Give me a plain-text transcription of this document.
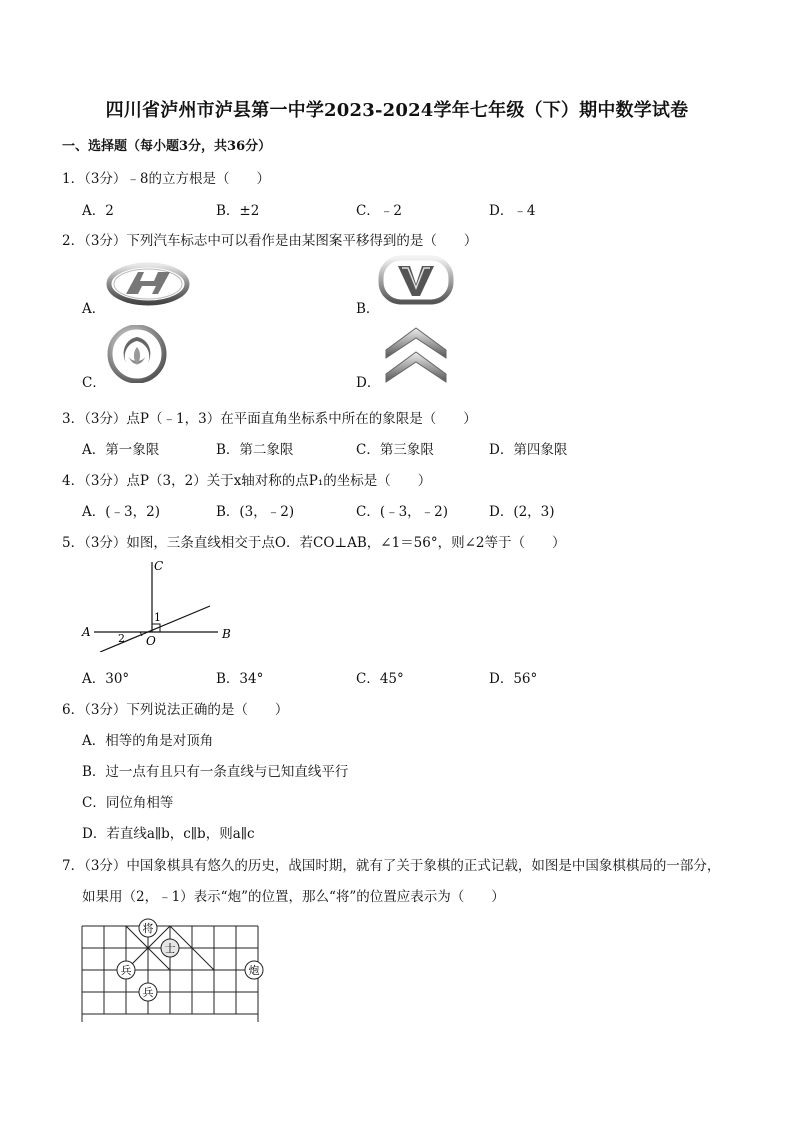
四川省泸州市泸县第一中学2023-2024学年七年级（下）期中数学试卷
一、选择题（每小题3分，共36分）
1．（3分）﹣8的立方根是（　　）
A．2	B．±2	C．﹣2	D．﹣4
2．（3分）下列汽车标志中可以看作是由某图案平移得到的是（　　）
A．	B．
C．	D．
3．（3分）点P（﹣1，3）在平面直角坐标系中所在的象限是（　　）
A．第一象限	B．第二象限	C．第三象限	D．第四象限
4．（3分）点P（3，2）关于x轴对称的点P₁的坐标是（　　）
A．(﹣3，2)	B．(3，﹣2)	C．(﹣3，﹣2)	D．(2，3)
5．（3分）如图，三条直线相交于点O．若CO⊥AB，∠1＝56°，则∠2等于（　　）
C
A	B
O
1
2
A．30°	B．34°	C．45°	D．56°
6．（3分）下列说法正确的是（　　）
A．相等的角是对顶角
B．过一点有且只有一条直线与已知直线平行
C．同位角相等
D．若直线a∥b，c∥b，则a∥c
7．（3分）中国象棋具有悠久的历史，战国时期，就有了关于象棋的正式记载，如图是中国象棋棋局的一部分，
如果用（2，﹣1）表示“炮”的位置，那么“将”的位置应表示为（　　）
将
士
兵
兵
炮
